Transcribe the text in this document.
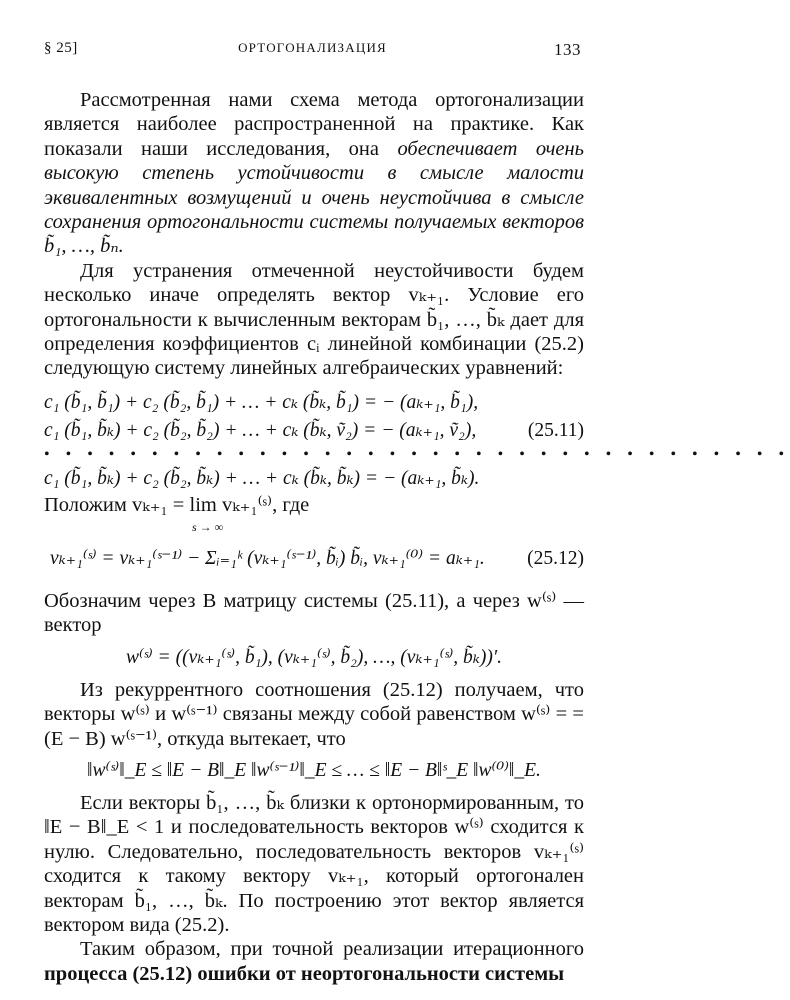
§ 25]	ОРТОГОНАЛИЗАЦИЯ	133

Рассмотренная нами схема метода ортогонализации является наиболее распространенной на практике. Как показали наши исследования, она обеспечивает очень высокую степень устойчивости в смысле малости эквивалентных возмущений и очень неустойчива в смысле сохранения ортогональности системы получаемых векторов b̃₁, …, b̃ₙ.

Для устранения отмеченной неустойчивости будем несколько иначе определять вектор vₖ₊₁. Условие его ортогональности к вычисленным векторам b̃₁, …, b̃ₖ дает для определения коэффициентов cᵢ линейной комбинации (25.2) следующую систему линейных алгебраических уравнений:

c₁ (b̃₁, b̃₁) + c₂ (b̃₂, b̃₁) + … + cₖ (b̃ₖ, b̃₁) = − (aₖ₊₁, b̃₁),
c₁ (b̃₁, b̃ₖ) + c₂ (b̃₂, b̃₂) + … + cₖ (b̃ₖ, ṽ₂) = − (aₖ₊₁, ṽ₂),	(25.11)
• • • • • • • • • • • • • • • • • • • • • • • • • • • • • • • • • • •
c₁ (b̃₁, b̃ₖ) + c₂ (b̃₂, b̃ₖ) + … + cₖ (b̃ₖ, b̃ₖ) = − (aₖ₊₁, b̃ₖ).
Положим vₖ₊₁ = lim vₖ₊₁⁽ˢ⁾, где
s → ∞
vₖ₊₁⁽ˢ⁾ = vₖ₊₁⁽ˢ⁻¹⁾ − Σᵢ₌₁ᵏ (vₖ₊₁⁽ˢ⁻¹⁾, b̃ᵢ) b̃ᵢ, vₖ₊₁⁽⁰⁾ = aₖ₊₁. (25.12)

Обозначим через B матрицу системы (25.11), а через w⁽ˢ⁾ — вектор

w⁽ˢ⁾ = ((vₖ₊₁⁽ˢ⁾, b̃₁), (vₖ₊₁⁽ˢ⁾, b̃₂), …, (vₖ₊₁⁽ˢ⁾, b̃ₖ))′.

Из рекуррентного соотношения (25.12) получаем, что векторы w⁽ˢ⁾ и w⁽ˢ⁻¹⁾ связаны между собой равенством w⁽ˢ⁾ = = (E − B) w⁽ˢ⁻¹⁾, откуда вытекает, что

‖w⁽ˢ⁾‖_E ≤ ‖E − B‖_E ‖w⁽ˢ⁻¹⁾‖_E ≤ … ≤ ‖E − B‖ˢ_E ‖w⁽⁰⁾‖_E.

Если векторы b̃₁, …, b̃ₖ близки к ортонормированным, то ‖E − B‖_E < 1 и последовательность векторов w⁽ˢ⁾ сходится к нулю. Следовательно, последовательность векторов vₖ₊₁⁽ˢ⁾ сходится к такому вектору vₖ₊₁, который ортогонален векторам b̃₁, …, b̃ₖ. По построению этот вектор является вектором вида (25.2).

Таким образом, при точной реализации итерационного процесса (25.12) ошибки от неортогональности системы
